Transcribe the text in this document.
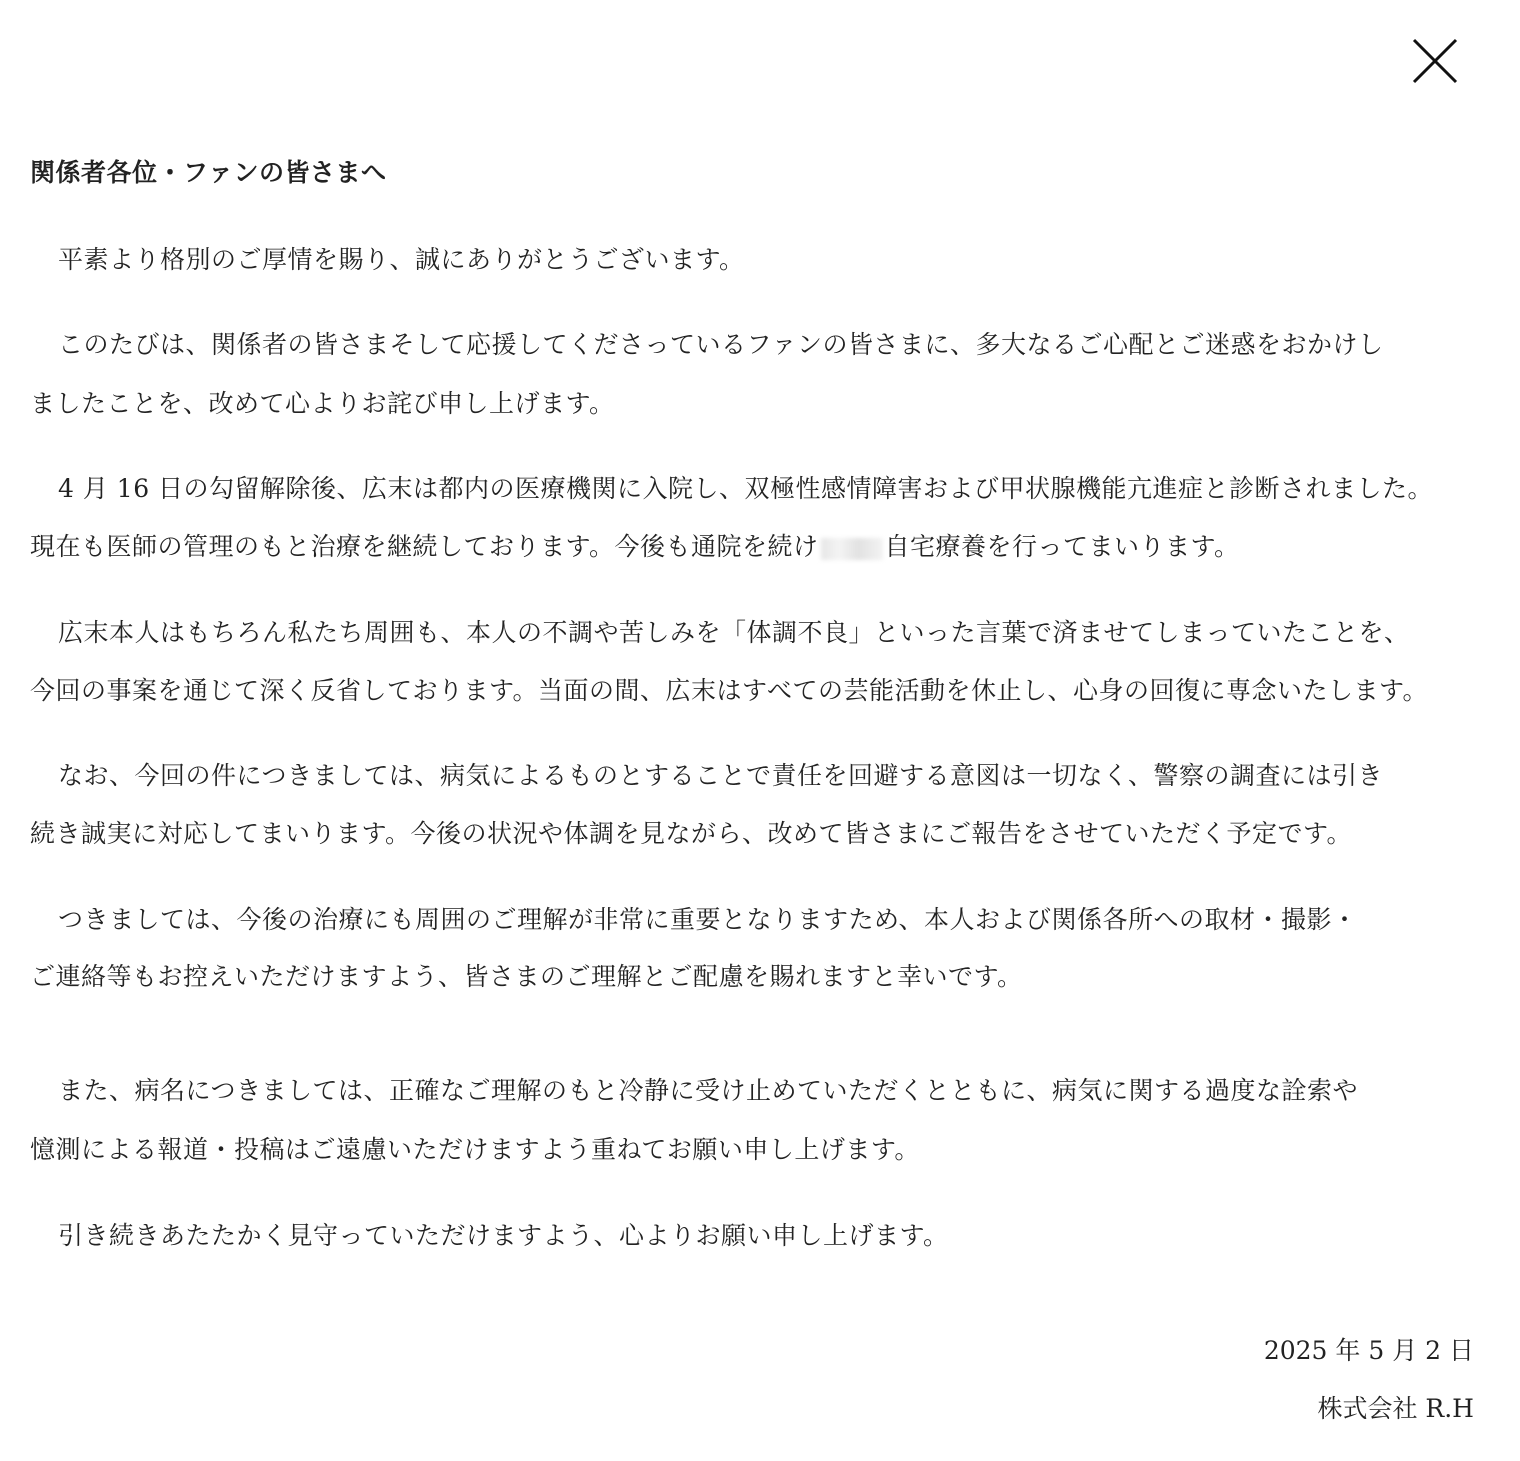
関係者各位・ファンの皆さまへ
平素より格別のご厚情を賜り、誠にありがとうございます。
このたびは、関係者の皆さまそして応援してくださっているファンの皆さまに、多大なるご心配とご迷惑をおかけし
ましたことを、改めて心よりお詫び申し上げます。
4 月 16 日の勾留解除後、広末は都内の医療機関に入院し、双極性感情障害および甲状腺機能亢進症と診断されました。
現在も医師の管理のもと治療を継続しております。今後も通院を続け	自宅療養を行ってまいります。
広末本人はもちろん私たち周囲も、本人の不調や苦しみを「体調不良」といった言葉で済ませてしまっていたことを、
今回の事案を通じて深く反省しております。当面の間、広末はすべての芸能活動を休止し、心身の回復に専念いたします。
なお、今回の件につきましては、病気によるものとすることで責任を回避する意図は一切なく、警察の調査には引き
続き誠実に対応してまいります。今後の状況や体調を見ながら、改めて皆さまにご報告をさせていただく予定です。
つきましては、今後の治療にも周囲のご理解が非常に重要となりますため、本人および関係各所への取材・撮影・
ご連絡等もお控えいただけますよう、皆さまのご理解とご配慮を賜れますと幸いです。
また、病名につきましては、正確なご理解のもと冷静に受け止めていただくとともに、病気に関する過度な詮索や
憶測による報道・投稿はご遠慮いただけますよう重ねてお願い申し上げます。
引き続きあたたかく見守っていただけますよう、心よりお願い申し上げます。
2025 年 5 月 2 日
株式会社 R.H
